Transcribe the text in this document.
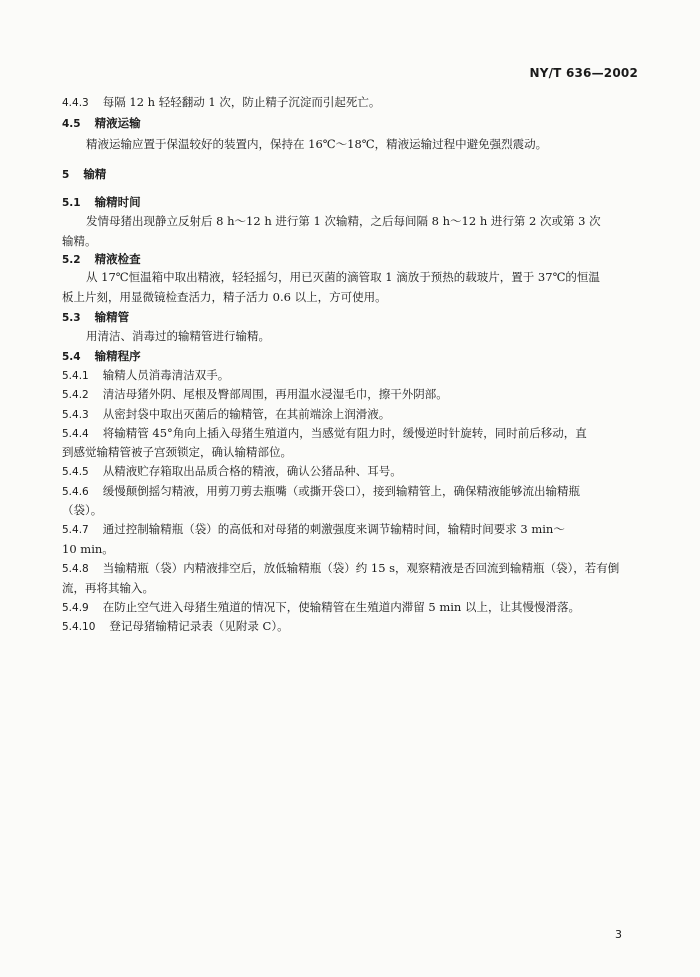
NY/T 636—2002
4.4.3 每隔 12 h 轻轻翻动 1 次，防止精子沉淀而引起死亡。
4.5 精液运输
精液运输应置于保温较好的装置内，保持在 16℃～18℃，精液运输过程中避免强烈震动。
5 输精
5.1 输精时间
发情母猪出现静立反射后 8 h～12 h 进行第 1 次输精，之后每间隔 8 h～12 h 进行第 2 次或第 3 次
输精。
5.2 精液检查
从 17℃恒温箱中取出精液，轻轻摇匀，用已灭菌的滴管取 1 滴放于预热的载玻片，置于 37℃的恒温
板上片刻，用显微镜检查活力，精子活力 0.6 以上，方可使用。
5.3 输精管
用清洁、消毒过的输精管进行输精。
5.4 输精程序
5.4.1 输精人员消毒清洁双手。
5.4.2 清洁母猪外阴、尾根及臀部周围，再用温水浸湿毛巾，擦干外阴部。
5.4.3 从密封袋中取出灭菌后的输精管，在其前端涂上润滑液。
5.4.4 将输精管 45°角向上插入母猪生殖道内，当感觉有阻力时，缓慢逆时针旋转，同时前后移动，直
到感觉输精管被子宫颈锁定，确认输精部位。
5.4.5 从精液贮存箱取出品质合格的精液，确认公猪品种、耳号。
5.4.6 缓慢颠倒摇匀精液，用剪刀剪去瓶嘴（或撕开袋口），接到输精管上，确保精液能够流出输精瓶
（袋）。
5.4.7 通过控制输精瓶（袋）的高低和对母猪的刺激强度来调节输精时间，输精时间要求 3 min～
10 min。
5.4.8 当输精瓶（袋）内精液排空后，放低输精瓶（袋）约 15 s，观察精液是否回流到输精瓶（袋），若有倒
流，再将其输入。
5.4.9 在防止空气进入母猪生殖道的情况下，使输精管在生殖道内滞留 5 min 以上，让其慢慢滑落。
5.4.10 登记母猪输精记录表（见附录 C）。
3
